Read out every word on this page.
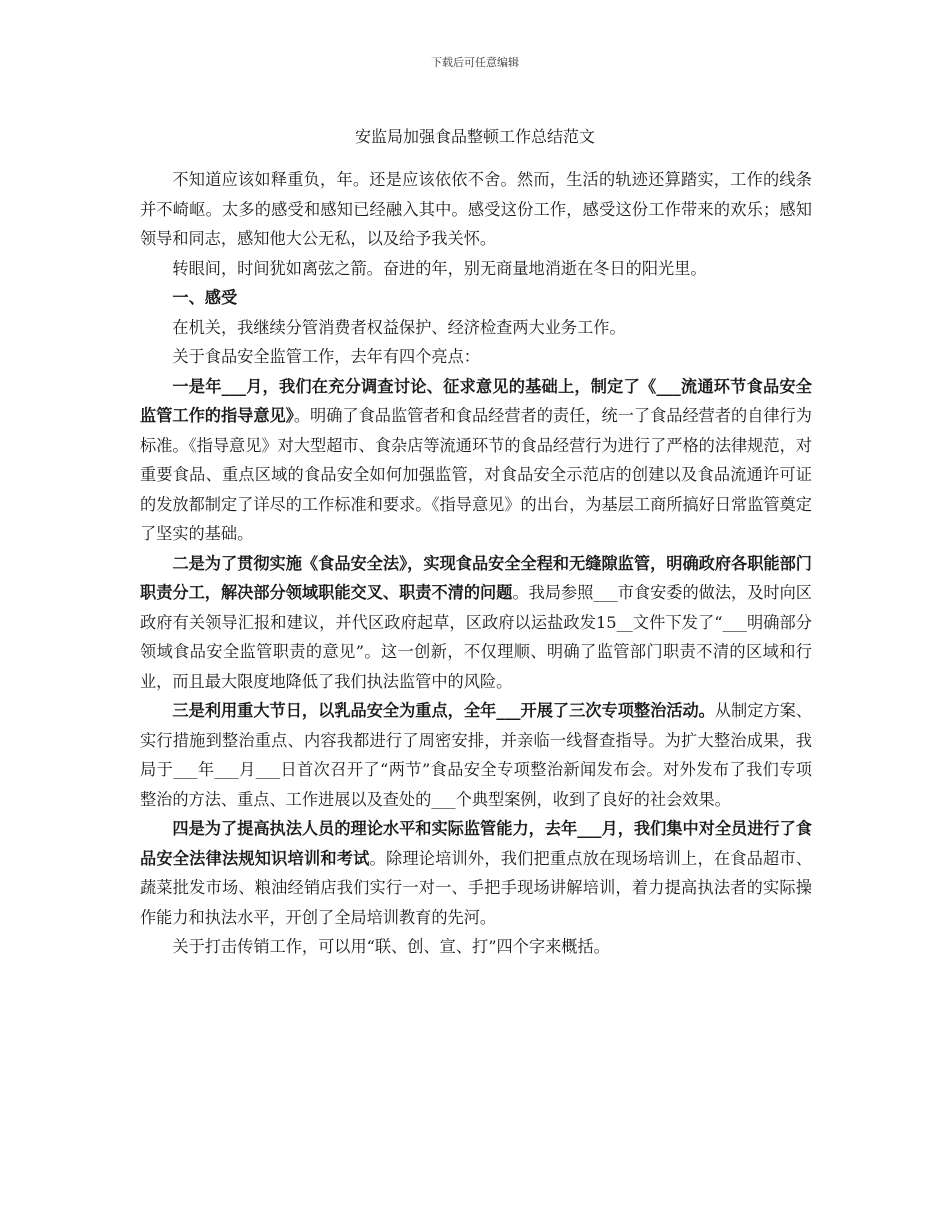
下载后可任意编辑
安监局加强食品整顿工作总结范文

不知道应该如释重负，年。还是应该依依不舍。然而，生活的轨迹还算踏实，工作的线条并不崎岖。太多的感受和感知已经融入其中。感受这份工作，感受这份工作带来的欢乐；感知领导和同志，感知他大公无私，以及给予我关怀。

转眼间，时间犹如离弦之箭。奋进的年，别无商量地消逝在冬日的阳光里。

一、感受

在机关，我继续分管消费者权益保护、经济检查两大业务工作。

关于食品安全监管工作，去年有四个亮点：

一是年___月，我们在充分调查讨论、征求意见的基础上，制定了《___流通环节食品安全监管工作的指导意见》。明确了食品监管者和食品经营者的责任，统一了食品经营者的自律行为标准。《指导意见》对大型超市、食杂店等流通环节的食品经营行为进行了严格的法律规范，对重要食品、重点区域的食品安全如何加强监管，对食品安全示范店的创建以及食品流通许可证的发放都制定了详尽的工作标准和要求。《指导意见》的出台，为基层工商所搞好日常监管奠定了坚实的基础。

二是为了贯彻实施《食品安全法》，实现食品安全全程和无缝隙监管，明确政府各职能部门职责分工，解决部分领域职能交叉、职责不清的问题。我局参照___市食安委的做法，及时向区政府有关领导汇报和建议，并代区政府起草，区政府以运盐政发15__文件下发了“___明确部分领域食品安全监管职责的意见”。这一创新，不仅理顺、明确了监管部门职责不清的区域和行业，而且最大限度地降低了我们执法监管中的风险。

三是利用重大节日，以乳品安全为重点，全年___开展了三次专项整治活动。从制定方案、实行措施到整治重点、内容我都进行了周密安排，并亲临一线督查指导。为扩大整治成果，我局于___年___月___日首次召开了“两节”食品安全专项整治新闻发布会。对外发布了我们专项整治的方法、重点、工作进展以及查处的___个典型案例，收到了良好的社会效果。

四是为了提高执法人员的理论水平和实际监管能力，去年___月，我们集中对全员进行了食品安全法律法规知识培训和考试。除理论培训外，我们把重点放在现场培训上，在食品超市、蔬菜批发市场、粮油经销店我们实行一对一、手把手现场讲解培训，着力提高执法者的实际操作能力和执法水平，开创了全局培训教育的先河。

关于打击传销工作，可以用“联、创、宣、打”四个字来概括。
